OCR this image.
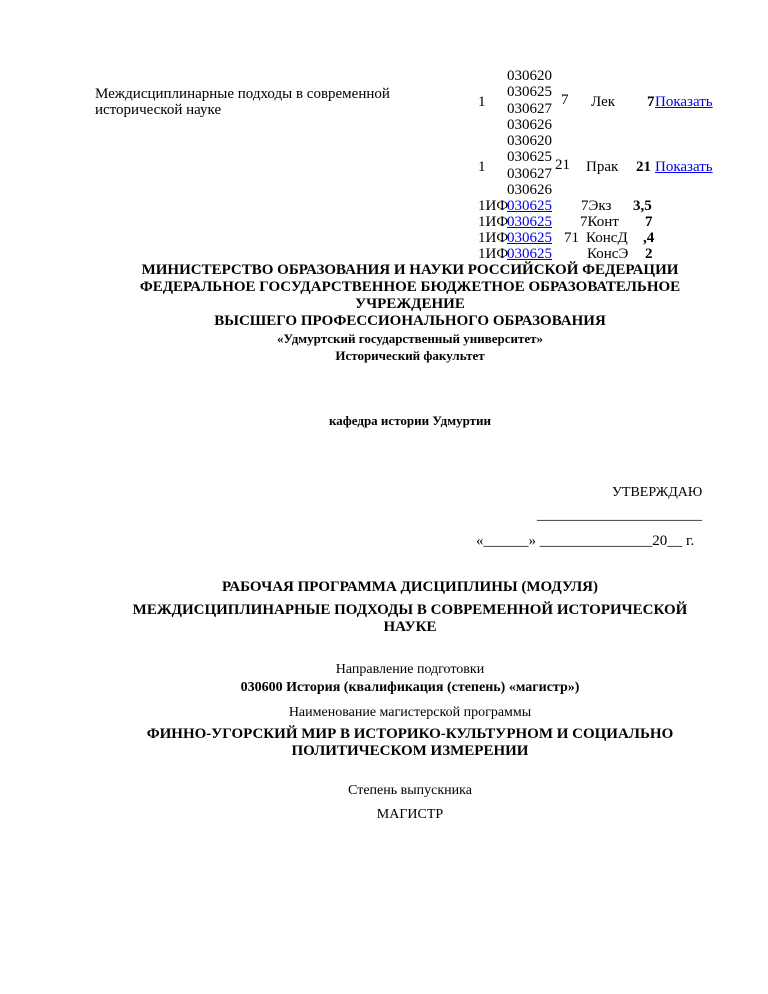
Междисциплинарные подходы в современной
исторической науке
030620
030625
030627
030626
1	7 Лек 7 Показать
030620
030625
030627
030626
1	21 Прак 21 Показать
1ИФ
030625 7Экз 3,5
1ИФ
030625 7Конт 7
1ИФ
030625 71 КонсД ,4
1ИФ
030625 КонсЭ 2
МИНИСТЕРСТВО ОБРАЗОВАНИЯ И НАУКИ РОССИЙСКОЙ ФЕДЕРАЦИИ
ФЕДЕРАЛЬНОЕ ГОСУДАРСТВЕННОЕ БЮДЖЕТНОЕ ОБРАЗОВАТЕЛЬНОЕ
УЧРЕЖДЕНИЕ
ВЫСШЕГО ПРОФЕССИОНАЛЬНОГО ОБРАЗОВАНИЯ
«Удмуртский государственный университет»
Исторический факультет
кафедра истории Удмуртии
УТВЕРЖДАЮ
______________________
«______» _______________20__ г.
РАБОЧАЯ ПРОГРАММА ДИСЦИПЛИНЫ (МОДУЛЯ)
МЕЖДИСЦИПЛИНАРНЫЕ ПОДХОДЫ В СОВРЕМЕННОЙ ИСТОРИЧЕСКОЙ
НАУКЕ
Направление подготовки
030600 История (квалификация (степень) «магистр»)
Наименование магистерской программы
ФИННО-УГОРСКИЙ МИР В ИСТОРИКО-КУЛЬТУРНОМ И СОЦИАЛЬНО
ПОЛИТИЧЕСКОМ ИЗМЕРЕНИИ
Степень выпускника
МАГИСТР
